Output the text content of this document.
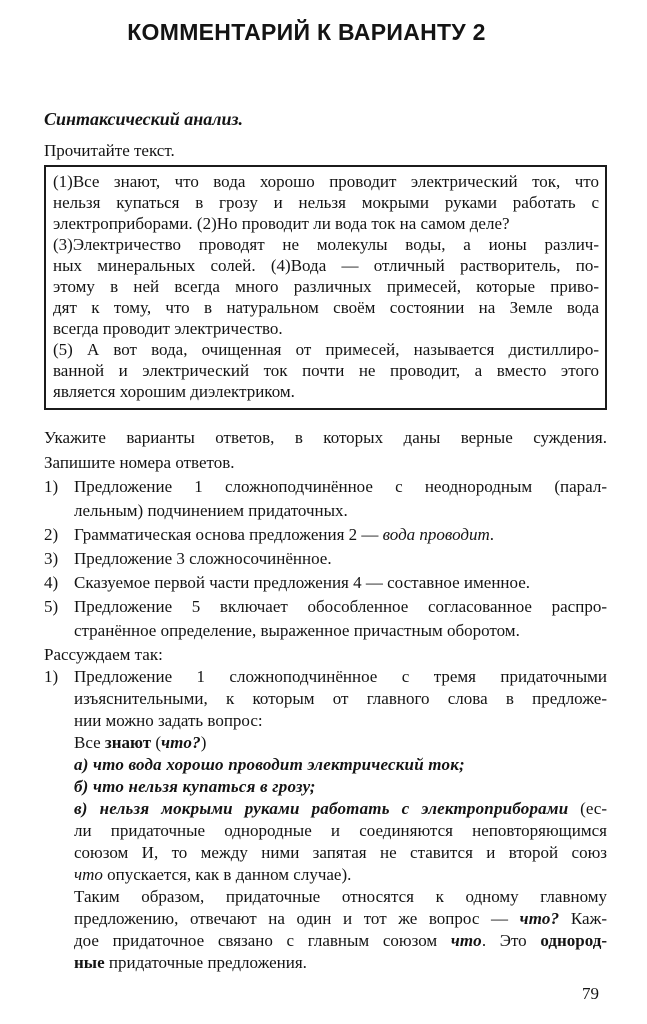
КОММЕНТАРИЙ К ВАРИАНТУ 2
Синтаксический анализ.
Прочитайте текст.
(1)Все знают, что вода хорошо проводит электрический ток, что
нельзя купаться в грозу и нельзя мокрыми руками работать с
электроприборами. (2)Но проводит ли вода ток на самом деле?
(3)Электричество проводят не молекулы воды, а ионы различ-
ных минеральных солей. (4)Вода — отличный растворитель, по-
этому в ней всегда много различных примесей, которые приво-
дят к тому, что в натуральном своём состоянии на Земле вода
всегда проводит электричество.
(5) А вот вода, очищенная от примесей, называется дистиллиро-
ванной и электрический ток почти не проводит, а вместо этого
является хорошим диэлектриком.
Укажите варианты ответов, в которых даны верные суждения.
Запишите номера ответов.
1) Предложение 1 сложноподчинённое с неоднородным (парал-
лельным) подчинением придаточных.
2) Грамматическая основа предложения 2 — вода проводит.
3) Предложение 3 сложносочинённое.
4) Сказуемое первой части предложения 4 — составное именное.
5) Предложение 5 включает обособленное согласованное распро-
странённое определение, выраженное причастным оборотом.
Рассуждаем так:
1) Предложение 1 сложноподчинённое с тремя придаточными
изъяснительными, к которым от главного слова в предложе-
нии можно задать вопрос:
Все знают (что?)
а) что вода хорошо проводит электрический ток;
б) что нельзя купаться в грозу;
в) нельзя мокрыми руками работать с электроприборами (ес-
ли придаточные однородные и соединяются неповторяющимся
союзом И, то между ними запятая не ставится и второй союз
что опускается, как в данном случае).
Таким образом, придаточные относятся к одному главному
предложению, отвечают на один и тот же вопрос — что? Каж-
дое придаточное связано с главным союзом что. Это однород-
ные придаточные предложения.
79
